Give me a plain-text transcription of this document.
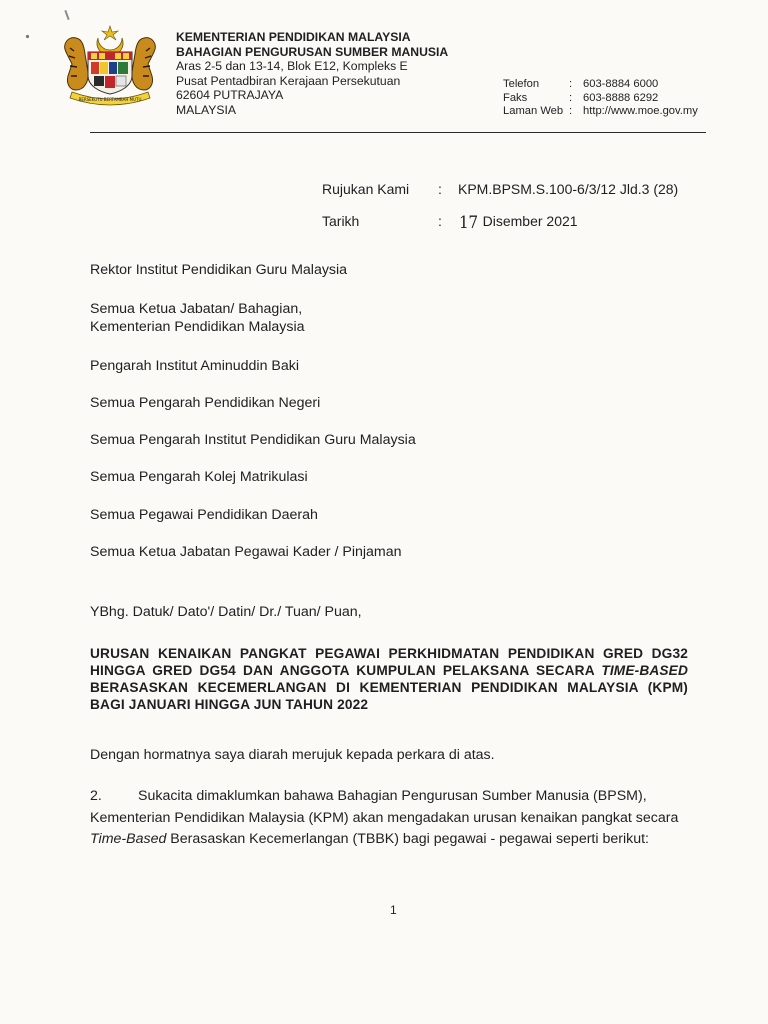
BERSEKUTU BERTAMBAH MUTU
KEMENTERIAN PENDIDIKAN MALAYSIA
BAHAGIAN PENGURUSAN SUMBER MANUSIA
Aras 2-5 dan 13-14, Blok E12, Kompleks E
Pusat Pentadbiran Kerajaan Persekutuan
62604 PUTRAJAYA
MALAYSIA
Telefon	: 603-8884 6000
Faks	: 603-8888 6292
Laman Web : http://www.moe.gov.my
Rujukan Kami	:	KPM.BPSM.S.100-6/3/12 Jld.3 (28)
Tarikh	:	17 Disember 2021
Rektor Institut Pendidikan Guru Malaysia
Semua Ketua Jabatan/ Bahagian,
Kementerian Pendidikan Malaysia
Pengarah Institut Aminuddin Baki
Semua Pengarah Pendidikan Negeri
Semua Pengarah Institut Pendidikan Guru Malaysia
Semua Pengarah Kolej Matrikulasi
Semua Pegawai Pendidikan Daerah
Semua Ketua Jabatan Pegawai Kader / Pinjaman
YBhg. Datuk/ Dato'/ Datin/ Dr./ Tuan/ Puan,
URUSAN KENAIKAN PANGKAT PEGAWAI PERKHIDMATAN PENDIDIKAN GRED DG32 HINGGA GRED DG54 DAN ANGGOTA KUMPULAN PELAKSANA SECARA TIME-BASED BERASASKAN KECEMERLANGAN DI KEMENTERIAN PENDIDIKAN MALAYSIA (KPM) BAGI JANUARI HINGGA JUN TAHUN 2022
Dengan hormatnya saya diarah merujuk kepada perkara di atas.
2.	Sukacita dimaklumkan bahawa Bahagian Pengurusan Sumber Manusia (BPSM), Kementerian Pendidikan Malaysia (KPM) akan mengadakan urusan kenaikan pangkat secara Time-Based Berasaskan Kecemerlangan (TBBK) bagi pegawai - pegawai seperti berikut:
1
